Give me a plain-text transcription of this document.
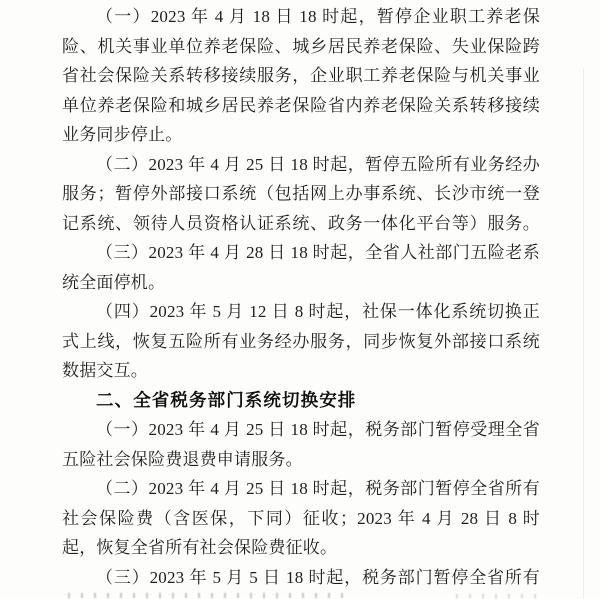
（一）2023 年 4 月 18 日 18 时起，暂停企业职工养老保
险、机关事业单位养老保险、城乡居民养老保险、失业保险跨
省社会保险关系转移接续服务，企业职工养老保险与机关事业
单位养老保险和城乡居民养老保险省内养老保险关系转移接续
业务同步停止。
（二）2023 年 4 月 25 日 18 时起，暂停五险所有业务经办
服务；暂停外部接口系统（包括网上办事系统、长沙市统一登
记系统、领待人员资格认证系统、政务一体化平台等）服务。
（三）2023 年 4 月 28 日 18 时起，全省人社部门五险老系
统全面停机。
（四）2023 年 5 月 12 日 8 时起，社保一体化系统切换正
式上线，恢复五险所有业务经办服务，同步恢复外部接口系统
数据交互。
二、全省税务部门系统切换安排
（一）2023 年 4 月 25 日 18 时起，税务部门暂停受理全省
五险社会保险费退费申请服务。
（二）2023 年 4 月 25 日 18 时起，税务部门暂停全省所有
社会保险费（含医保，下同）征收；2023 年 4 月 28 日 8 时
起，恢复全省所有社会保险费征收。
（三）2023 年 5 月 5 日 18 时起，税务部门暂停全省所有
